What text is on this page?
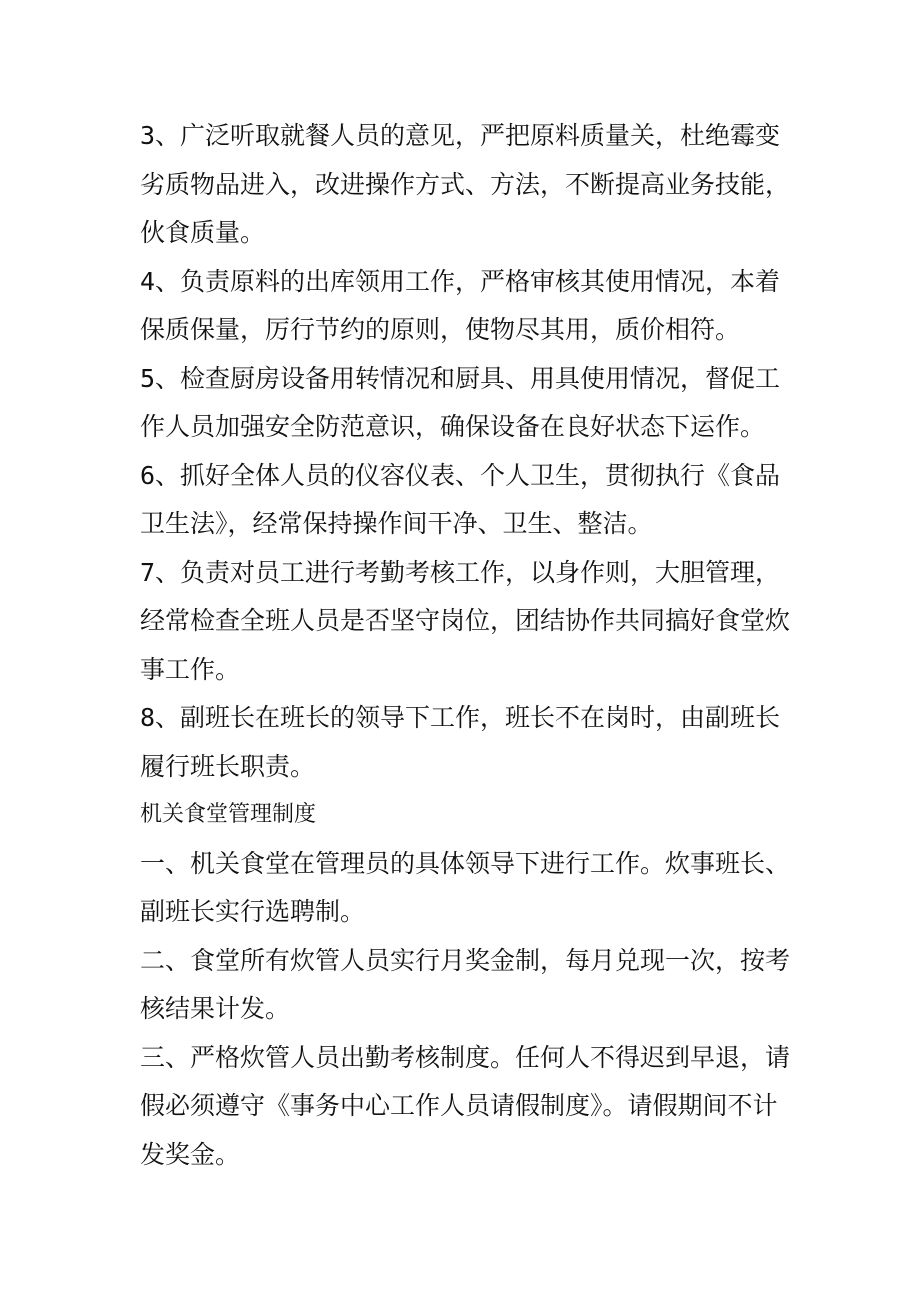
3、广泛听取就餐人员的意见，严把原料质量关，杜绝霉变
劣质物品进入，改进操作方式、方法，不断提高业务技能，
伙食质量。
4、负责原料的出库领用工作，严格审核其使用情况，本着
保质保量，厉行节约的原则，使物尽其用，质价相符。
5、检查厨房设备用转情况和厨具、用具使用情况，督促工
作人员加强安全防范意识，确保设备在良好状态下运作。
6、抓好全体人员的仪容仪表、个人卫生，贯彻执行《食品
卫生法》，经常保持操作间干净、卫生、整洁。
7、负责对员工进行考勤考核工作，以身作则，大胆管理，
经常检查全班人员是否坚守岗位，团结协作共同搞好食堂炊
事工作。
8、副班长在班长的领导下工作，班长不在岗时，由副班长
履行班长职责。
机关食堂管理制度
一、机关食堂在管理员的具体领导下进行工作。炊事班长、
副班长实行选聘制。
二、食堂所有炊管人员实行月奖金制，每月兑现一次，按考
核结果计发。
三、严格炊管人员出勤考核制度。任何人不得迟到早退，请
假必须遵守《事务中心工作人员请假制度》。请假期间不计
发奖金。
